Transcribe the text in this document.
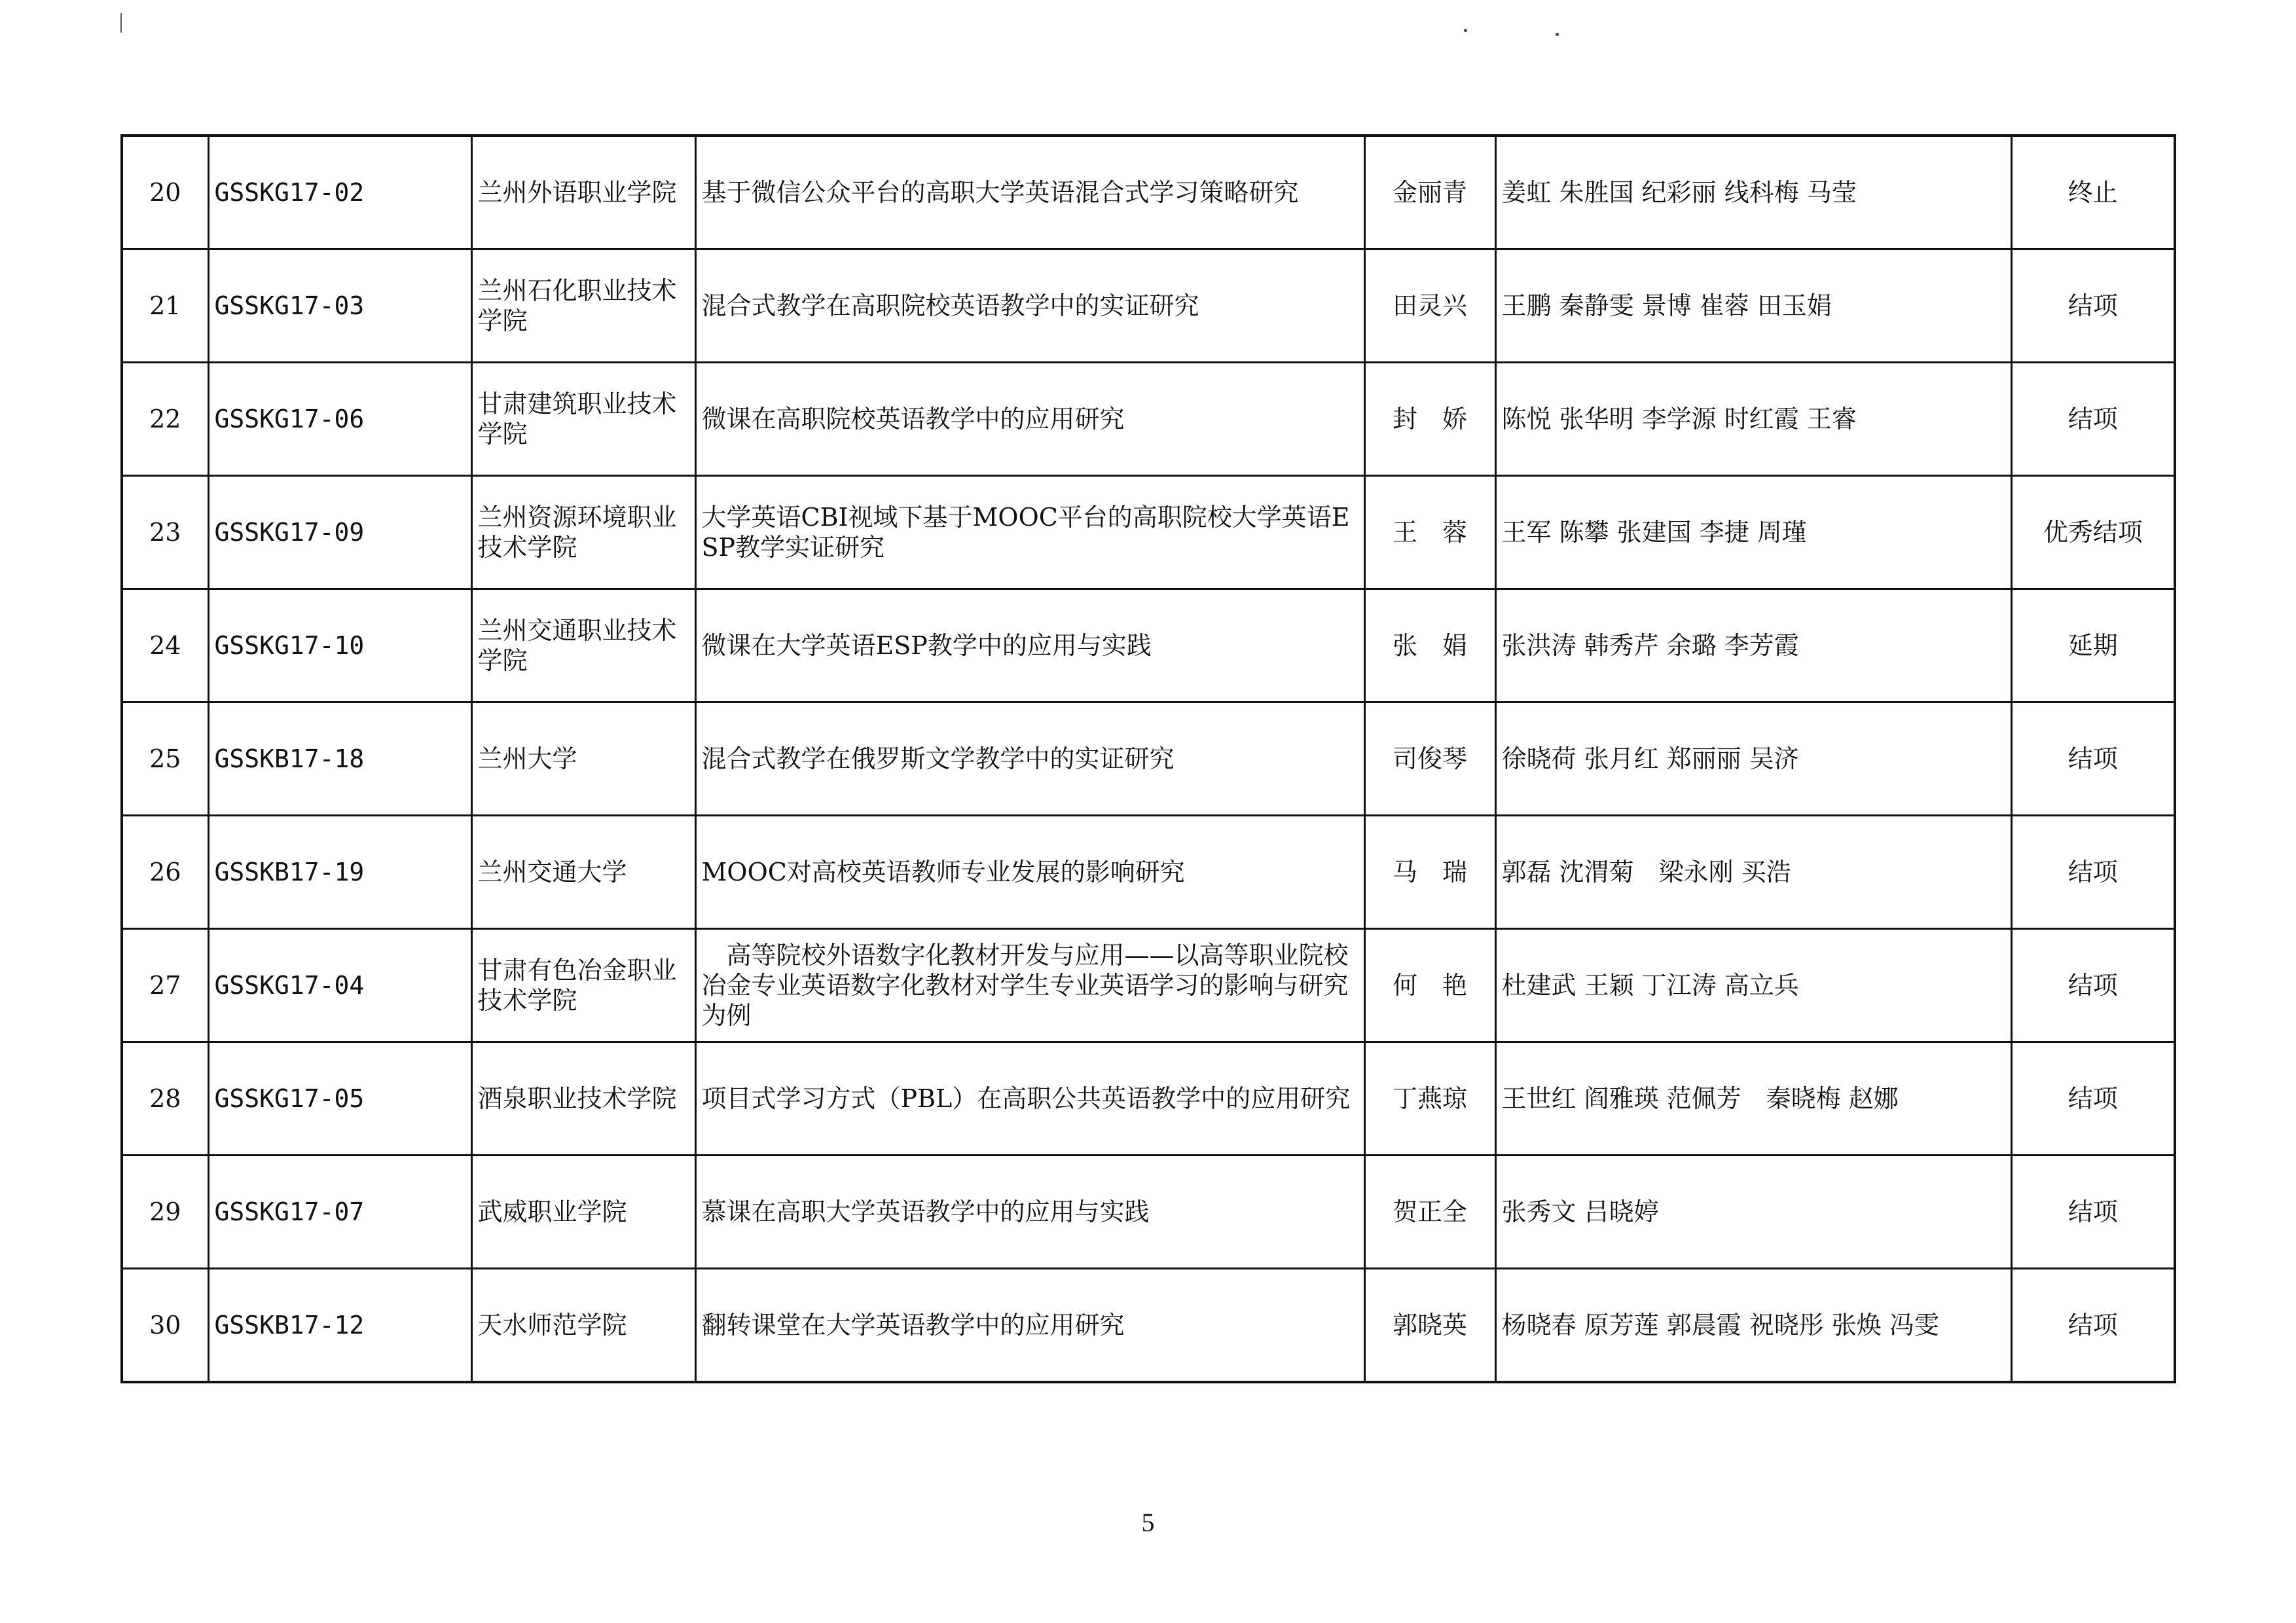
20	GSSKG17-02	兰州外语职业学院	基于微信公众平台的高职大学英语混合式学习策略研究	金丽青	姜虹 朱胜国 纪彩丽 线科梅 马莹	终止
21	GSSKG17-03	兰州石化职业技术学院	混合式教学在高职院校英语教学中的实证研究	田灵兴	王鹏 秦静雯 景博 崔蓉 田玉娟	结项
22	GSSKG17-06	甘肃建筑职业技术学院	微课在高职院校英语教学中的应用研究	封　娇	陈悦 张华明 李学源 时红霞 王睿	结项
23	GSSKG17-09	兰州资源环境职业技术学院	大学英语CBI视域下基于MOOC平台的高职院校大学英语ESP教学实证研究	王　蓉	王军 陈攀 张建国 李捷 周瑾	优秀结项
24	GSSKG17-10	兰州交通职业技术学院	微课在大学英语ESP教学中的应用与实践	张　娟	张洪涛 韩秀芹 余璐 李芳霞	延期
25	GSSKB17-18	兰州大学	混合式教学在俄罗斯文学教学中的实证研究	司俊琴	徐晓荷 张月红 郑丽丽 吴济	结项
26	GSSKB17-19	兰州交通大学	MOOC对高校英语教师专业发展的影响研究	马　瑞	郭磊 沈渭菊　梁永刚 买浩	结项
27	GSSKG17-04	甘肃有色冶金职业技术学院	　高等院校外语数字化教材开发与应用——以高等职业院校冶金专业英语数字化教材对学生专业英语学习的影响与研究为例	何　艳	杜建武 王颖 丁江涛 高立兵	结项
28	GSSKG17-05	酒泉职业技术学院	项目式学习方式（PBL）在高职公共英语教学中的应用研究	丁燕琼	王世红 阎雅瑛 范佩芳　秦晓梅 赵娜	结项
29	GSSKG17-07	武威职业学院	慕课在高职大学英语教学中的应用与实践	贺正全	张秀文 吕晓婷	结项
30	GSSKB17-12	天水师范学院	翻转课堂在大学英语教学中的应用研究	郭晓英	杨晓春 原芳莲 郭晨霞 祝晓彤 张焕 冯雯	结项
5
